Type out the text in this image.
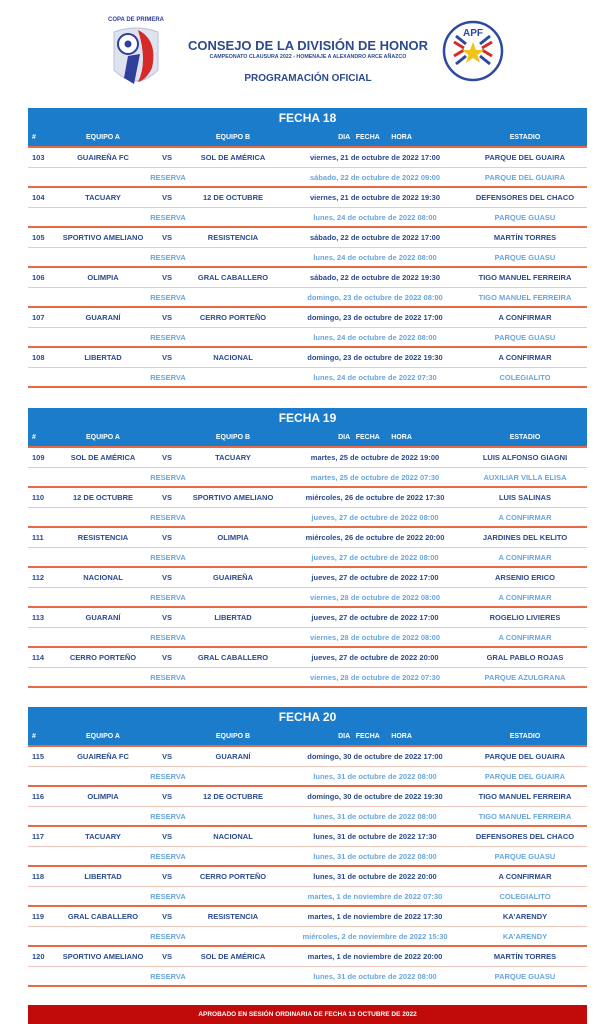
COPA DE PRIMERA
CONSEJO DE LA DIVISIÓN DE HONOR
CAMPEONATO CLAUSURA 2022 - HOMENAJE A ALEXANDRO ARCE AÑAZCO
PROGRAMACIÓN OFICIAL
APF
FECHA 18
#	EQUIPO A	EQUIPO B	DIA   FECHA      HORA	ESTADIO
103	GUAIREÑA FC	VS	SOL DE AMÉRICA	viernes, 21 de octubre de 2022 17:00	PARQUE DEL GUAIRA
RESERVA	sábado, 22 de octubre de 2022 09:00	PARQUE DEL GUAIRA
104	TACUARY	VS	12 DE OCTUBRE	viernes, 21 de octubre de 2022 19:30	DEFENSORES DEL CHACO
RESERVA	lunes, 24 de octubre de 2022 08:00	PARQUE GUASU
105	SPORTIVO AMELIANO	VS	RESISTENCIA	sábado, 22 de octubre de 2022 17:00	MARTÍN TORRES
RESERVA	lunes, 24 de octubre de 2022 08:00	PARQUE GUASU
106	OLIMPIA	VS	GRAL CABALLERO	sábado, 22 de octubre de 2022 19:30	TIGO MANUEL FERREIRA
RESERVA	domingo, 23 de octubre de 2022 08:00	TIGO MANUEL FERREIRA
107	GUARANÍ	VS	CERRO PORTEÑO	domingo, 23 de octubre de 2022 17:00	A CONFIRMAR
RESERVA	lunes, 24 de octubre de 2022 08:00	PARQUE GUASU
108	LIBERTAD	VS	NACIONAL	domingo, 23 de octubre de 2022 19:30	A CONFIRMAR
RESERVA	lunes, 24 de octubre de 2022 07:30	COLEGIALITO
FECHA 19
#	EQUIPO A	EQUIPO B	DIA   FECHA      HORA	ESTADIO
109	SOL DE AMÉRICA	VS	TACUARY	martes, 25 de octubre de 2022 19:00	LUIS ALFONSO GIAGNI
RESERVA	martes, 25 de octubre de 2022 07:30	AUXILIAR VILLA ELISA
110	12 DE OCTUBRE	VS	SPORTIVO AMELIANO	miércoles, 26 de octubre de 2022 17:30	LUIS SALINAS
RESERVA	jueves, 27 de octubre de 2022 08:00	A CONFIRMAR
111	RESISTENCIA	VS	OLIMPIA	miércoles, 26 de octubre de 2022 20:00	JARDINES DEL KELITO
RESERVA	jueves, 27 de octubre de 2022 08:00	A CONFIRMAR
112	NACIONAL	VS	GUAIREÑA	jueves, 27 de octubre de 2022 17:00	ARSENIO ERICO
RESERVA	viernes, 28 de octubre de 2022 08:00	A CONFIRMAR
113	GUARANÍ	VS	LIBERTAD	jueves, 27 de octubre de 2022 17:00	ROGELIO LIVIERES
RESERVA	viernes, 28 de octubre de 2022 08:00	A CONFIRMAR
114	CERRO PORTEÑO	VS	GRAL CABALLERO	jueves, 27 de octubre de 2022 20:00	GRAL PABLO ROJAS
RESERVA	viernes, 28 de octubre de 2022 07:30	PARQUE AZULGRANA
FECHA 20
#	EQUIPO A	EQUIPO B	DIA   FECHA      HORA	ESTADIO
115	GUAIREÑA FC	VS	GUARANÍ	domingo, 30 de octubre de 2022 17:00	PARQUE DEL GUAIRA
RESERVA	lunes, 31 de octubre de 2022 08:00	PARQUE DEL GUAIRA
116	OLIMPIA	VS	12 DE OCTUBRE	domingo, 30 de octubre de 2022 19:30	TIGO MANUEL FERREIRA
RESERVA	lunes, 31 de octubre de 2022 08:00	TIGO MANUEL FERREIRA
117	TACUARY	VS	NACIONAL	lunes, 31 de octubre de 2022 17:30	DEFENSORES DEL CHACO
RESERVA	lunes, 31 de octubre de 2022 08:00	PARQUE GUASU
118	LIBERTAD	VS	CERRO PORTEÑO	lunes, 31 de octubre de 2022 20:00	A CONFIRMAR
RESERVA	martes, 1 de noviembre de 2022 07:30	COLEGIALITO
119	GRAL CABALLERO	VS	RESISTENCIA	martes, 1 de noviembre de 2022 17:30	KA'ARENDY
RESERVA	miércoles, 2 de noviembre de 2022 15:30	KA'ARENDY
120	SPORTIVO AMELIANO	VS	SOL DE AMÉRICA	martes, 1 de noviembre de 2022 20:00	MARTÍN TORRES
RESERVA	lunes, 31 de octubre de 2022 08:00	PARQUE GUASU
APROBADO EN SESIÓN ORDINARIA DE FECHA 13 OCTUBRE DE 2022
